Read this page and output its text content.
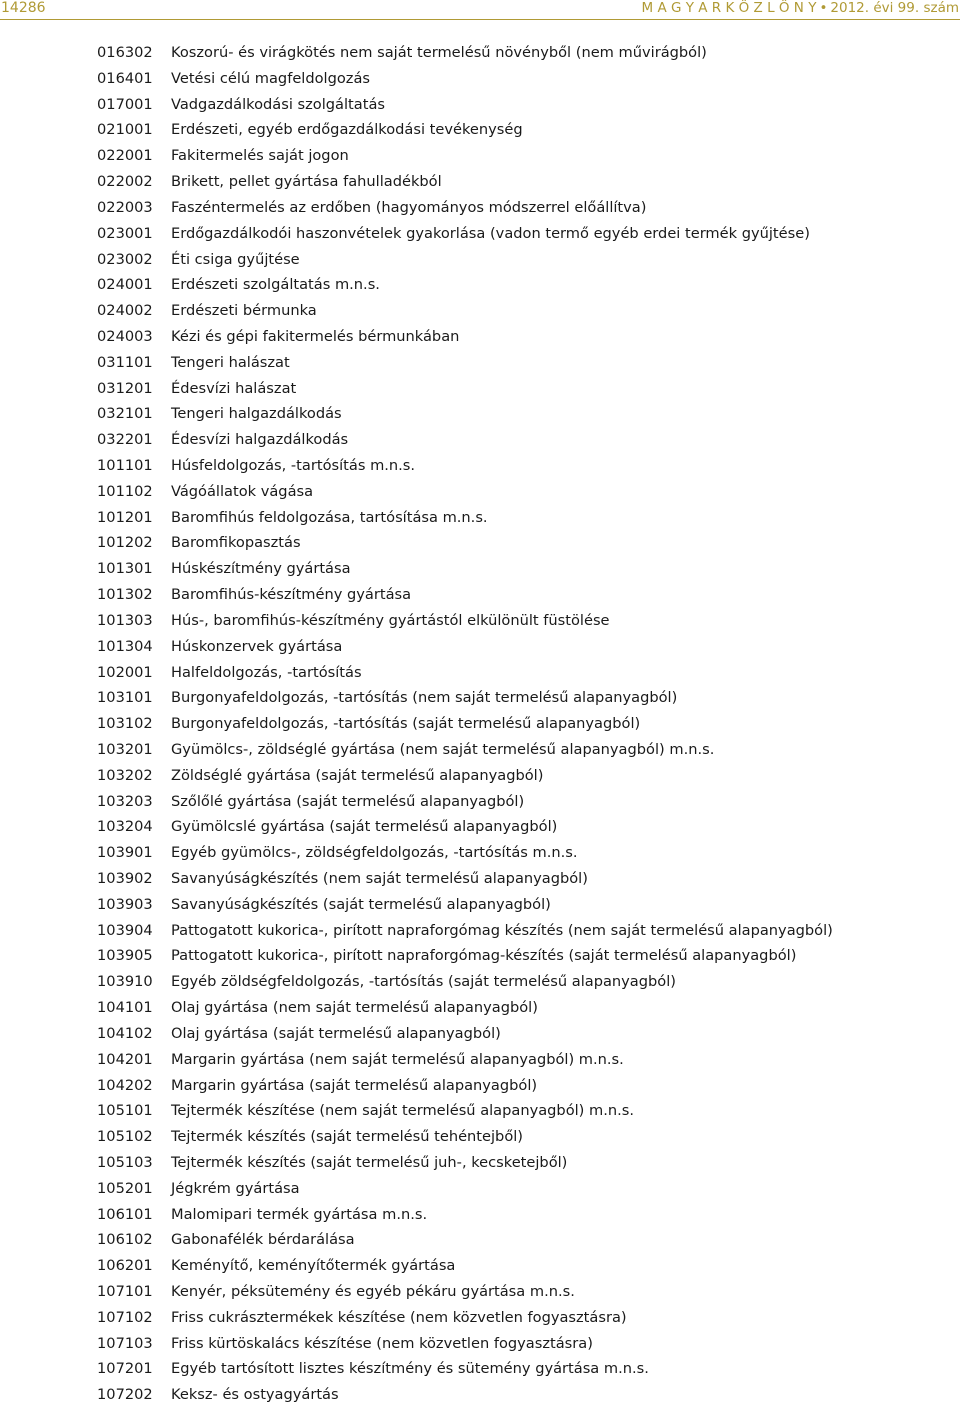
14286	M A G Y A R K Ö Z L Ö N Y • 2012. évi 99. szám
016302 Koszorú- és virágkötés nem saját termelésű növényből (nem művirágból)
016401 Vetési célú magfeldolgozás
017001 Vadgazdálkodási szolgáltatás
021001 Erdészeti, egyéb erdőgazdálkodási tevékenység
022001 Fakitermelés saját jogon
022002 Brikett, pellet gyártása fahulladékból
022003 Faszéntermelés az erdőben (hagyományos módszerrel előállítva)
023001 Erdőgazdálkodói haszonvételek gyakorlása (vadon termő egyéb erdei termék gyűjtése)
023002 Éti csiga gyűjtése
024001 Erdészeti szolgáltatás m.n.s.
024002 Erdészeti bérmunka
024003 Kézi és gépi fakitermelés bérmunkában
031101 Tengeri halászat
031201 Édesvízi halászat
032101 Tengeri halgazdálkodás
032201 Édesvízi halgazdálkodás
101101 Húsfeldolgozás, -tartósítás m.n.s.
101102 Vágóállatok vágása
101201 Baromfihús feldolgozása, tartósítása m.n.s.
101202 Baromfikopasztás
101301 Húskészítmény gyártása
101302 Baromfihús-készítmény gyártása
101303 Hús-, baromfihús-készítmény gyártástól elkülönült füstölése
101304 Húskonzervek gyártása
102001 Halfeldolgozás, -tartósítás
103101 Burgonyafeldolgozás, -tartósítás (nem saját termelésű alapanyagból)
103102 Burgonyafeldolgozás, -tartósítás (saját termelésű alapanyagból)
103201 Gyümölcs-, zöldséglé gyártása (nem saját termelésű alapanyagból) m.n.s.
103202 Zöldséglé gyártása (saját termelésű alapanyagból)
103203 Szőlőlé gyártása (saját termelésű alapanyagból)
103204 Gyümölcslé gyártása (saját termelésű alapanyagból)
103901 Egyéb gyümölcs-, zöldségfeldolgozás, -tartósítás m.n.s.
103902 Savanyúságkészítés (nem saját termelésű alapanyagból)
103903 Savanyúságkészítés (saját termelésű alapanyagból)
103904 Pattogatott kukorica-, pirított napraforgómag készítés (nem saját termelésű alapanyagból)
103905 Pattogatott kukorica-, pirított napraforgómag-készítés (saját termelésű alapanyagból)
103910 Egyéb zöldségfeldolgozás, -tartósítás (saját termelésű alapanyagból)
104101 Olaj gyártása (nem saját termelésű alapanyagból)
104102 Olaj gyártása (saját termelésű alapanyagból)
104201 Margarin gyártása (nem saját termelésű alapanyagból) m.n.s.
104202 Margarin gyártása (saját termelésű alapanyagból)
105101 Tejtermék készítése (nem saját termelésű alapanyagból) m.n.s.
105102 Tejtermék készítés (saját termelésű tehéntejből)
105103 Tejtermék készítés (saját termelésű juh-, kecsketejből)
105201 Jégkrém gyártása
106101 Malomipari termék gyártása m.n.s.
106102 Gabonafélék bérdarálása
106201 Keményítő, keményítőtermék gyártása
107101 Kenyér, péksütemény és egyéb pékáru gyártása m.n.s.
107102 Friss cukrásztermékek készítése (nem közvetlen fogyasztásra)
107103 Friss kürtöskalács készítése (nem közvetlen fogyasztásra)
107201 Egyéb tartósított lisztes készítmény és sütemény gyártása m.n.s.
107202 Keksz- és ostyagyártás
